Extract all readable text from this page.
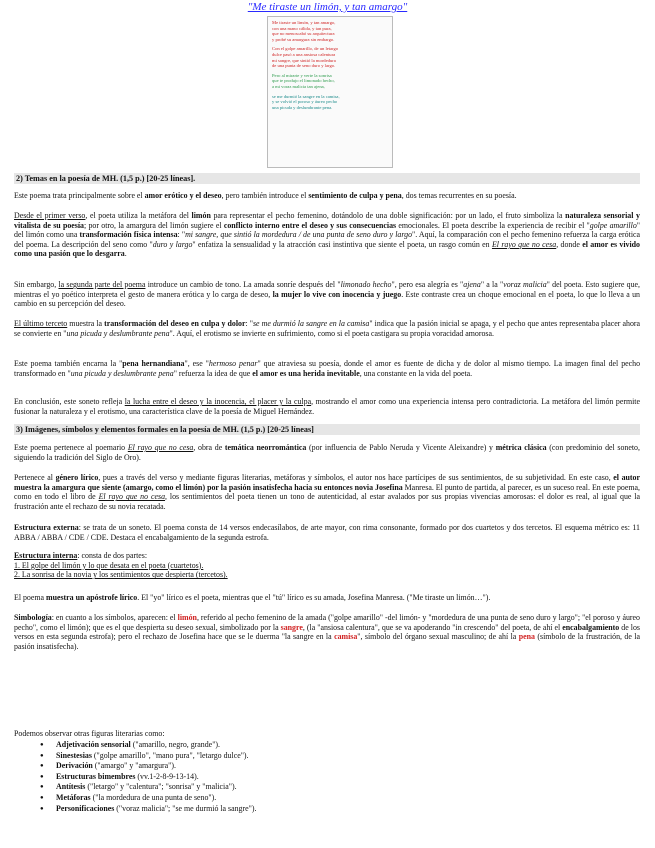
"Me tiraste un limón, y tan amargo"

Me tiraste un limón, y tan amargo,
con una mano cálida, y tan pura,
que no menoscabó su arquitectura
y probé su amargura sin embargo.

Con el golpe amarillo, de un letargo
dulce pasó a una ansiosa calentura
mi sangre, que sintió la mordedura
de una punta de seno duro y largo.

Pero al mirarte y verte la sonrisa
que te produjo el limonado hecho,
a mi voraz malicia tan ajena,

se me durmió la sangre en la camisa,
y se volvió el poroso y áureo pecho
una picuda y deslumbrante pena.

2) Temas en la poesía de MH. (1,5 p.) [20-25 líneas].

Este poema trata principalmente sobre el amor erótico y el deseo, pero también introduce el sentimiento de culpa y pena, dos temas recurrentes en su poesía.

Desde el primer verso, el poeta utiliza la metáfora del limón para representar el pecho femenino, dotándolo de una doble significación: por un lado, el fruto simboliza la naturaleza sensorial y vitalista de su poesía; por otro, la amargura del limón sugiere el conflicto interno entre el deseo y sus consecuencias emocionales. El poeta describe la experiencia de recibir el "golpe amarillo" del limón como una transformación física intensa: "mi sangre, que sintió la mordedura / de una punta de seno duro y largo". Aquí, la comparación con el pecho femenino refuerza la carga erótica del poema. La descripción del seno como "duro y largo" enfatiza la sensualidad y la atracción casi instintiva que siente el poeta, un rasgo común en El rayo que no cesa, donde el amor es vivido como una pasión que lo desgarra.

Sin embargo, la segunda parte del poema introduce un cambio de tono. La amada sonríe después del "limonado hecho", pero esa alegría es "ajena" a la "voraz malicia" del poeta. Esto sugiere que, mientras el yo poético interpreta el gesto de manera erótica y lo carga de deseo, la mujer lo vive con inocencia y juego. Este contraste crea un choque emocional en el poeta, lo que lo lleva a un cambio en su percepción del deseo.

El último terceto muestra la transformación del deseo en culpa y dolor: "se me durmió la sangre en la camisa" indica que la pasión inicial se apaga, y el pecho que antes representaba placer ahora se convierte en "una picuda y deslumbrante pena". Aquí, el erotismo se invierte en sufrimiento, como si el poeta castigara su propia voracidad amorosa.

Este poema también encarna la "pena hernandiana", ese "hermoso penar" que atraviesa su poesía, donde el amor es fuente de dicha y de dolor al mismo tiempo. La imagen final del pecho transformado en "una picuda y deslumbrante pena" refuerza la idea de que el amor es una herida inevitable, una constante en la vida del poeta.

En conclusión, este soneto refleja la lucha entre el deseo y la inocencia, el placer y la culpa, mostrando el amor como una experiencia intensa pero contradictoria. La metáfora del limón permite fusionar la naturaleza y el erotismo, una característica clave de la poesía de Miguel Hernández.

3) Imágenes, símbolos y elementos formales en la poesía de MH. (1,5 p.) [20-25 líneas]

Este poema pertenece al poemario El rayo que no cesa, obra de temática neorromántica (por influencia de Pablo Neruda y Vicente Aleixandre) y métrica clásica (con predominio del soneto, siguiendo la tradición del Siglo de Oro).

Pertenece al género lírico, pues a través del verso y mediante figuras literarias, metáforas y símbolos, el autor nos hace partícipes de sus sentimientos, de su subjetividad. En este caso, el autor muestra la amargura que siente (amargo, como el limón) por la pasión insatisfecha hacia su entonces novia Josefina Manresa. El punto de partida, al parecer, es un suceso real. En este poema, como en todo el libro de El rayo que no cesa, los sentimientos del poeta tienen un tono de autenticidad, al estar avalados por sus propias vivencias amorosas: el dolor es real, al igual que la frustración ante el rechazo de su novia recatada.

Estructura externa: se trata de un soneto. El poema consta de 14 versos endecasílabos, de arte mayor, con rima consonante, formado por dos cuartetos y dos tercetos. El esquema métrico es: 11 ABBA / ABBA / CDE / CDE. Destaca el encabalgamiento de la segunda estrofa.

Estructura interna: consta de dos partes:
1. El golpe del limón y lo que desata en el poeta (cuartetos).
2. La sonrisa de la novia y los sentimientos que despierta (tercetos).

El poema muestra un apóstrofe lírico. El "yo" lírico es el poeta, mientras que el "tú" lírico es su amada, Josefina Manresa. ("Me tiraste un limón…").

Simbología: en cuanto a los símbolos, aparecen: el limón, referido al pecho femenino de la amada ("golpe amarillo" -del limón- y "mordedura de una punta de seno duro y largo"; "el poroso y áureo pecho", como el limón); que es el que despierta su deseo sexual, simbolizado por la sangre, (la "ansiosa calentura", que se va apoderando "in crescendo" del poeta, de ahí el encabalgamiento de los versos en esta segunda estrofa); pero el rechazo de Josefina hace que se le duerma "la sangre en la camisa", símbolo del órgano sexual masculino; de ahí la pena (símbolo de la frustración, de la pasión insatisfecha).

Podemos observar otras figuras literarias como:

● Adjetivación sensorial ("amarillo, negro, grande").
● Sinestesias ("golpe amarillo", "mano pura", "letargo dulce").
● Derivación ("amargo" y "amargura").
● Estructuras bimembres (vv.1-2-8-9-13-14).
● Antítesis ("letargo" y "calentura"; "sonrisa" y "malicia").
● Metáforas ("la mordedura de una punta de seno").
● Personificaciones ("voraz malicia"; "se me durmió la sangre").
